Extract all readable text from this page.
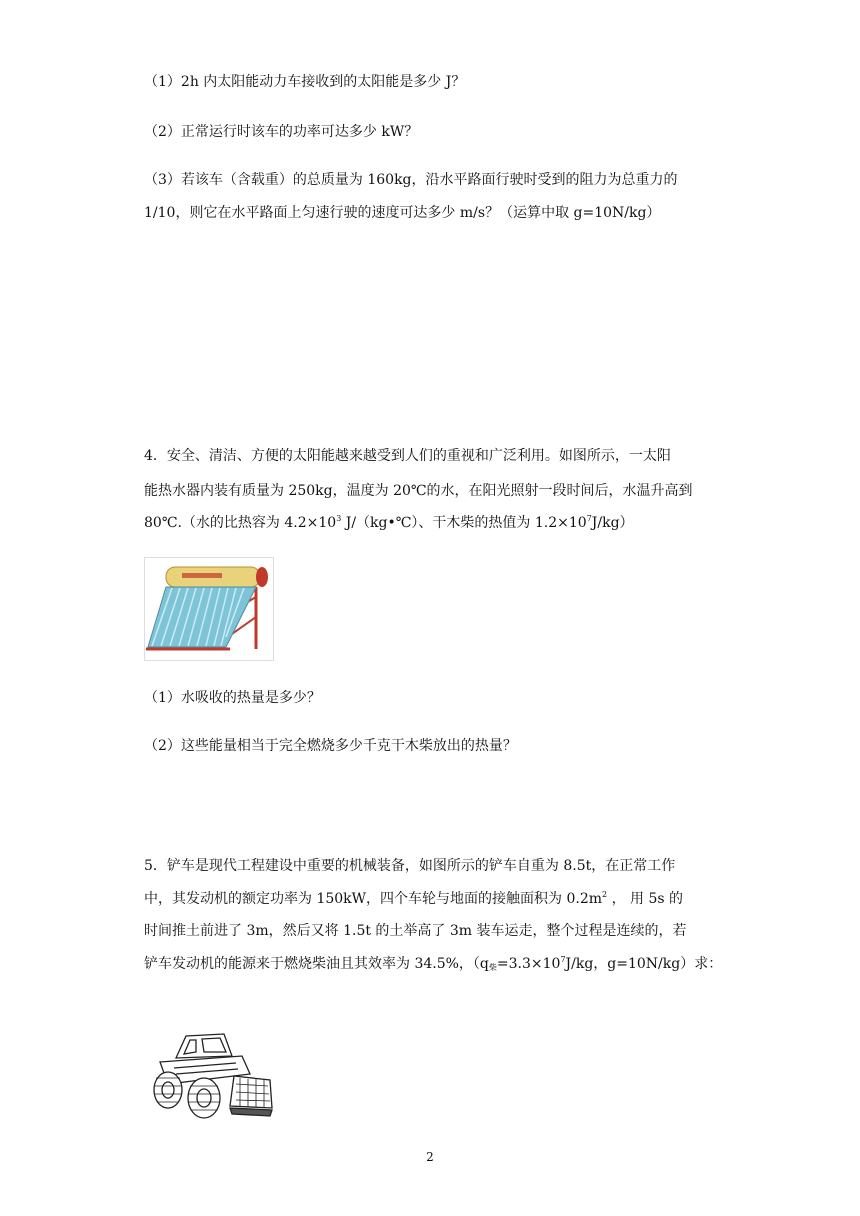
（1）2h 内太阳能动力车接收到的太阳能是多少 J？
（2）正常运行时该车的功率可达多少 kW？
（3）若该车（含载重）的总质量为 160kg，沿水平路面行驶时受到的阻力为总重力的
1/10，则它在水平路面上匀速行驶的速度可达多少 m/s？（运算中取 g=10N/kg）
4．安全、清洁、方便的太阳能越来越受到人们的重视和广泛利用。如图所示，一太阳
能热水器内装有质量为 250kg，温度为 20℃的水，在阳光照射一段时间后，水温升高到
80℃.（水的比热容为 $4.2\times 10^3$ J/（kg•℃）、干木柴的热值为 $1.2\times 10^7J/kg$）
（1）水吸收的热量是多少？
（2）这些能量相当于完全燃烧多少千克干木柴放出的热量？
5．铲车是现代工程建设中重要的机械装备，如图所示的铲车自重为 8.5t，在正常工作
中，其发动机的额定功率为 150kW，四个车轮与地面的接触面积为 $0.2m^2$ ， 用 5s 的
时间推土前进了 3m，然后又将 1.5t 的土举高了 3m 装车运走，整个过程是连续的，若
铲车发动机的能源来于燃烧柴油且其效率为 34.5%，（$q_柴=3.3\times 10^7J/kg$，g=10N/kg）求：
2
